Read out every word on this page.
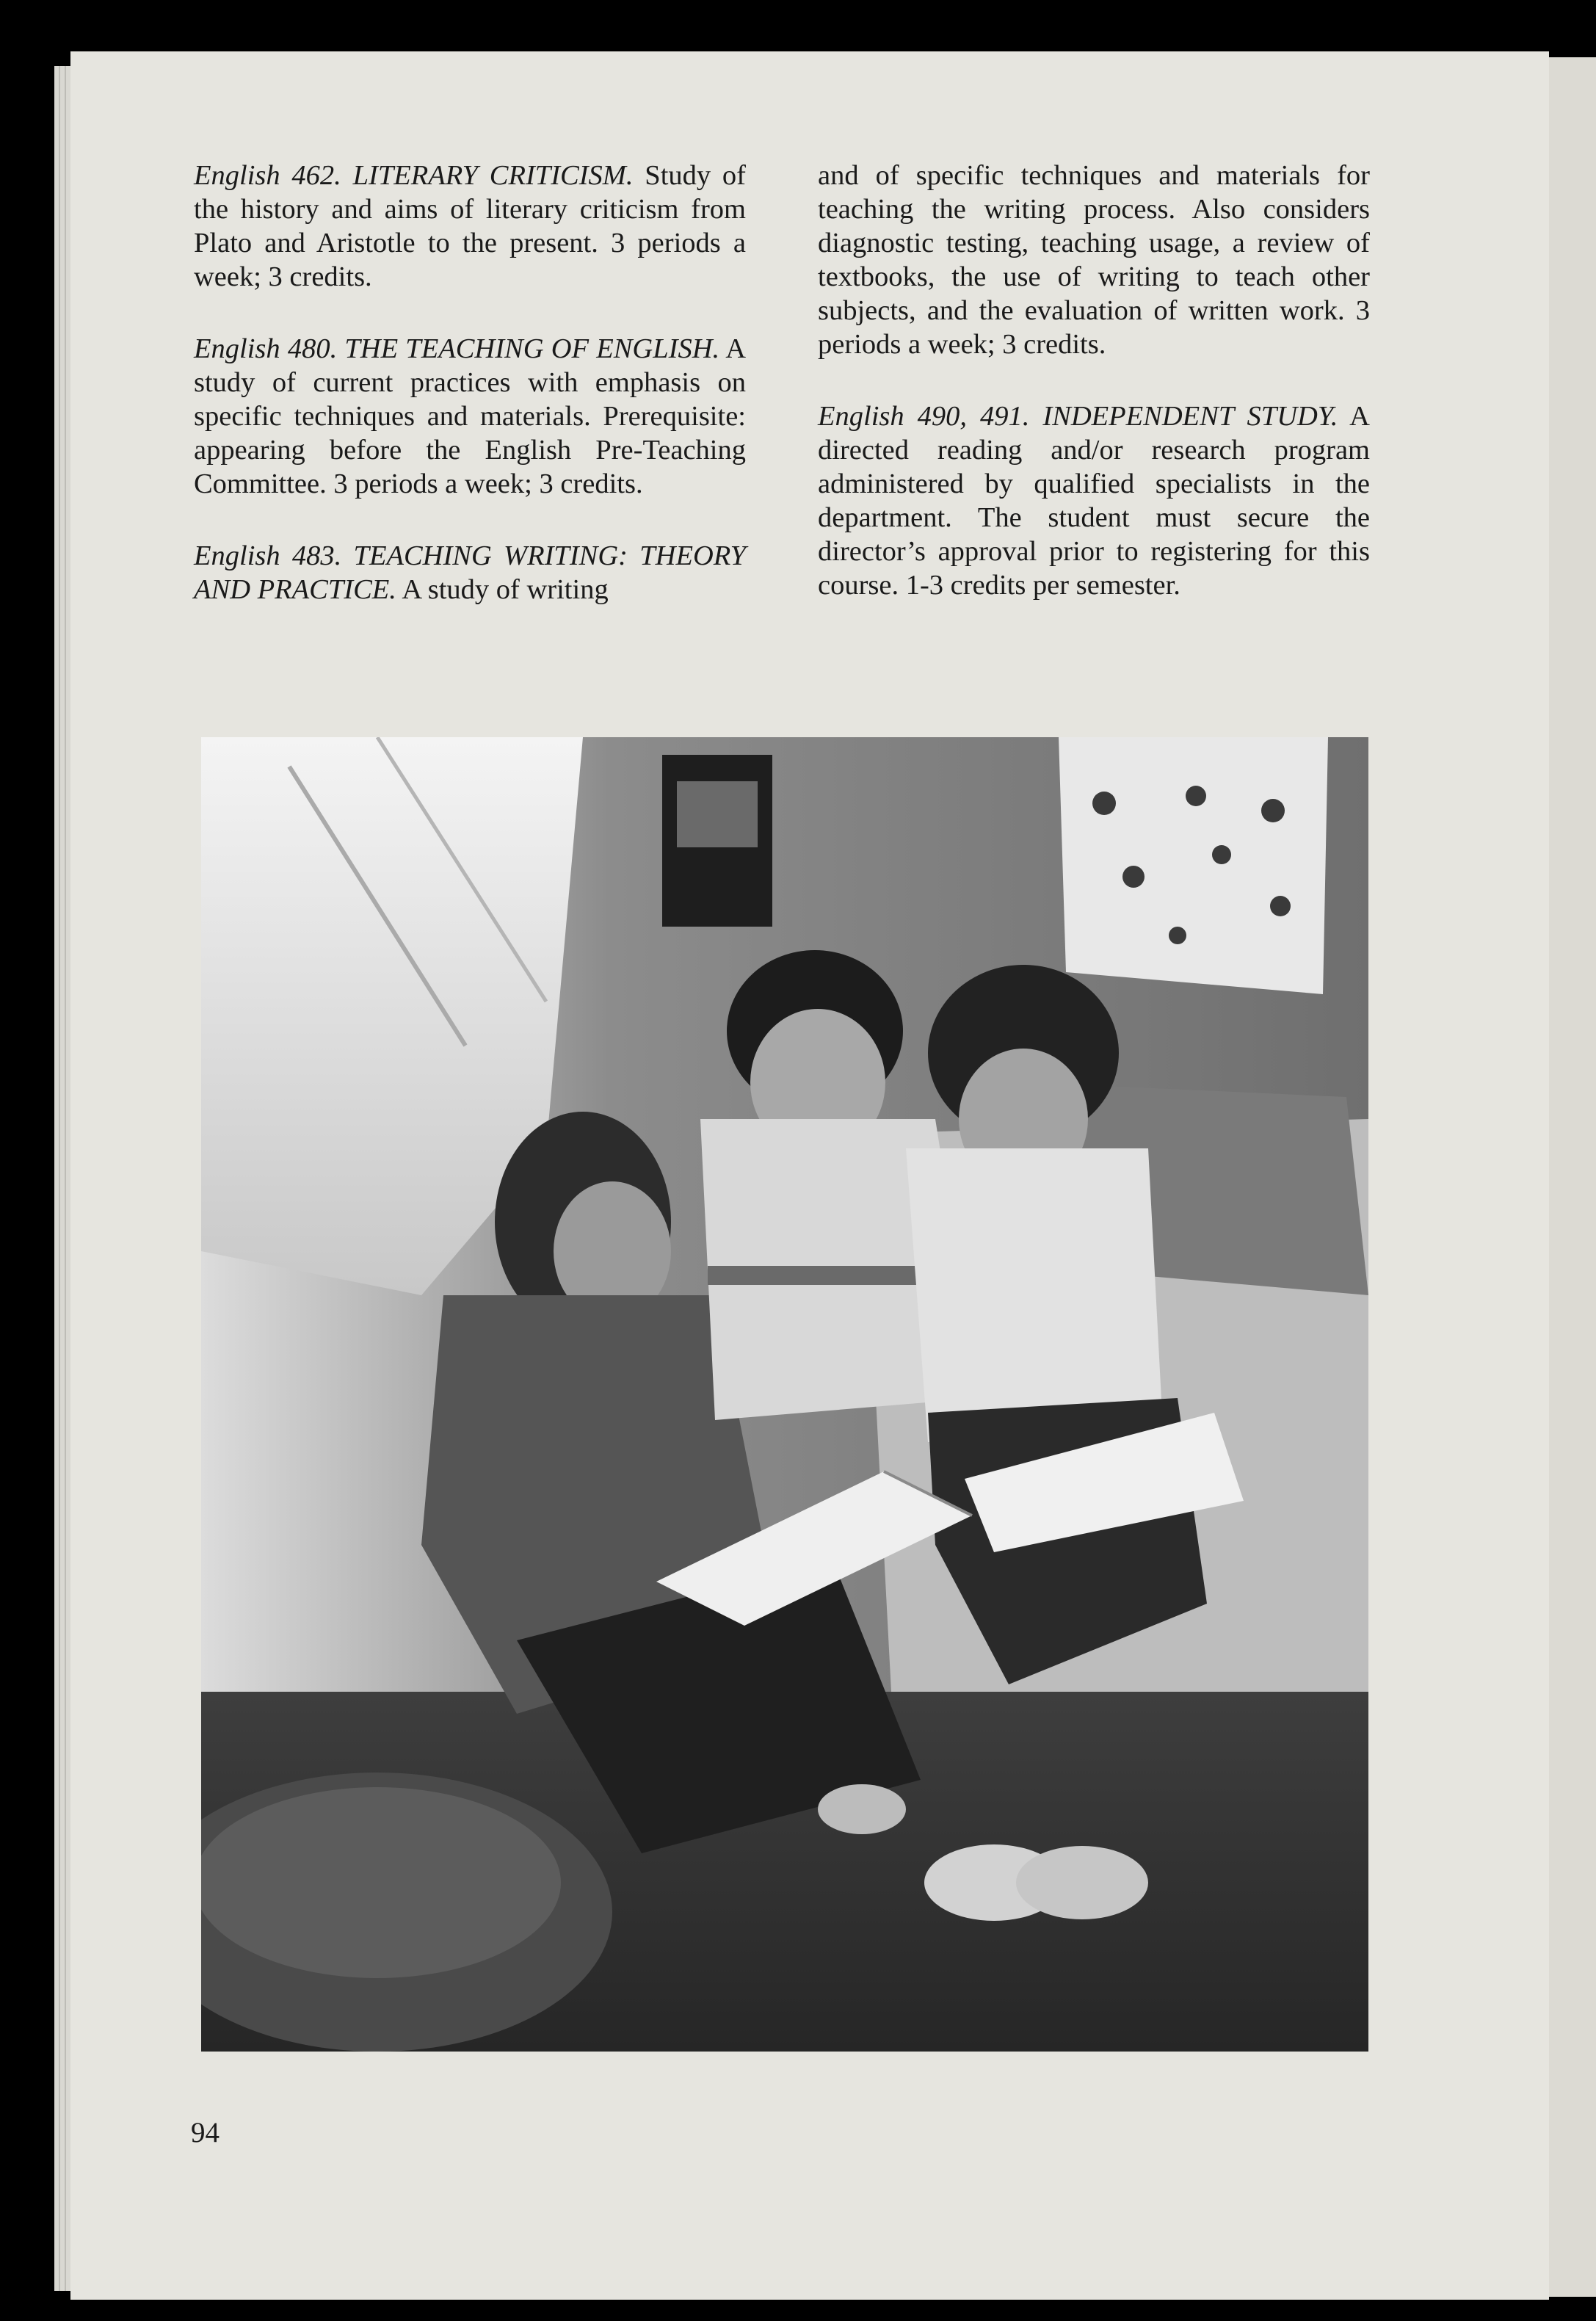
English 462. LITERARY CRITICISM. Study of the history and aims of literary criticism from Plato and Aristotle to the present. 3 periods a week; 3 credits.

English 480. THE TEACHING OF ENGLISH. A study of current practices with emphasis on specific techniques and materials. Prerequisite: appearing before the English Pre-Teaching Committee. 3 periods a week; 3 credits.

English 483. TEACHING WRITING: THEORY AND PRACTICE. A study of writing

and of specific techniques and materials for teaching the writing process. Also considers diagnostic testing, teaching usage, a review of textbooks, the use of writing to teach other subjects, and the evaluation of written work. 3 periods a week; 3 credits.

English 490, 491. INDEPENDENT STUDY. A directed reading and/or research program administered by qualified specialists in the department. The student must secure the director’s approval prior to registering for this course. 1-3 credits per semester.

94
